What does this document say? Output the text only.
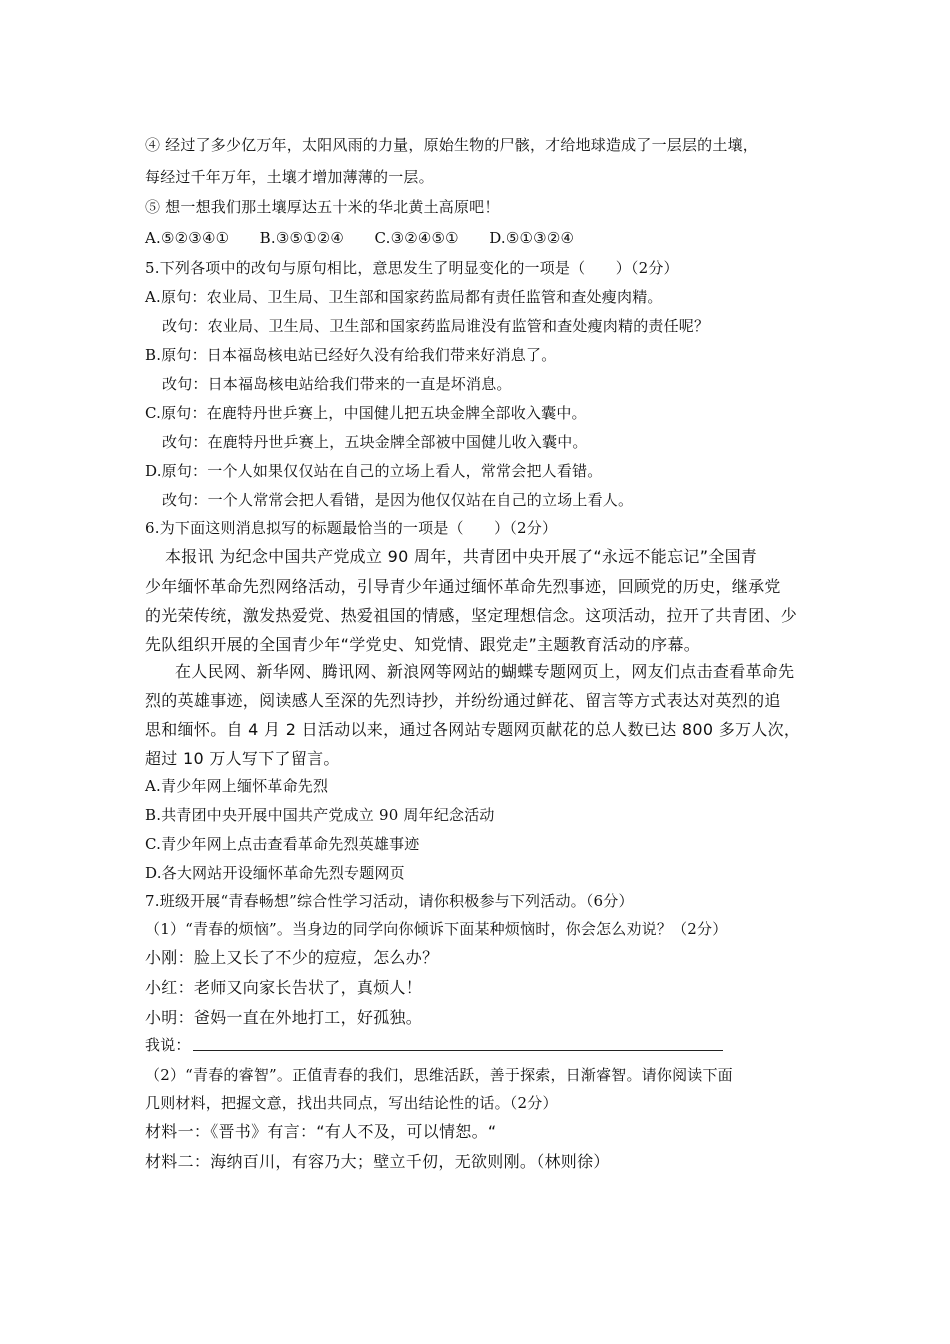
④ 经过了多少亿万年，太阳风雨的力量，原始生物的尸骸，才给地球造成了一层层的土壤，
每经过千年万年，土壤才增加薄薄的一层。
⑤ 想一想我们那土壤厚达五十米的华北黄土高原吧！
A.⑤②③④①　　B.③⑤①②④　　C.③②④⑤①　　D.⑤①③②④
5.下列各项中的改句与原句相比，意思发生了明显变化的一项是（　　）（2分）
A.原句：农业局、卫生局、卫生部和国家药监局都有责任监管和查处瘦肉精。
改句：农业局、卫生局、卫生部和国家药监局谁没有监管和查处瘦肉精的责任呢？
B.原句：日本福岛核电站已经好久没有给我们带来好消息了。
改句：日本福岛核电站给我们带来的一直是坏消息。
C.原句：在鹿特丹世乒赛上，中国健儿把五块金牌全部收入囊中。
改句：在鹿特丹世乒赛上，五块金牌全部被中国健儿收入囊中。
D.原句：一个人如果仅仅站在自己的立场上看人，常常会把人看错。
改句：一个人常常会把人看错，是因为他仅仅站在自己的立场上看人。
6.为下面这则消息拟写的标题最恰当的一项是（　　）（2分）
本报讯 为纪念中国共产党成立 90 周年，共青团中央开展了“永远不能忘记”全国青
少年缅怀革命先烈网络活动，引导青少年通过缅怀革命先烈事迹，回顾党的历史，继承党
的光荣传统，激发热爱党、热爱祖国的情感，坚定理想信念。这项活动，拉开了共青团、少
先队组织开展的全国青少年“学党史、知党情、跟党走”主题教育活动的序幕。
在人民网、新华网、腾讯网、新浪网等网站的蝴蝶专题网页上，网友们点击查看革命先
烈的英雄事迹，阅读感人至深的先烈诗抄，并纷纷通过鲜花、留言等方式表达对英烈的追
思和缅怀。自 4 月 2 日活动以来，通过各网站专题网页献花的总人数已达 800 多万人次，
超过 10 万人写下了留言。
A.青少年网上缅怀革命先烈
B.共青团中央开展中国共产党成立 90 周年纪念活动
C.青少年网上点击查看革命先烈英雄事迹
D.各大网站开设缅怀革命先烈专题网页
7.班级开展“青春畅想”综合性学习活动，请你积极参与下列活动。（6分）
（1）“青春的烦恼”。当身边的同学向你倾诉下面某种烦恼时，你会怎么劝说？（2分）
小刚：脸上又长了不少的痘痘，怎么办？
小红：老师又向家长告状了，真烦人！
小明：爸妈一直在外地打工，好孤独。
我说：
（2）“青春的睿智”。正值青春的我们，思维活跃，善于探索，日渐睿智。请你阅读下面
几则材料，把握文意，找出共同点，写出结论性的话。（2分）
材料一：《晋书》有言：“有人不及，可以情恕。“
材料二：海纳百川，有容乃大；壁立千仞，无欲则刚。（林则徐）
